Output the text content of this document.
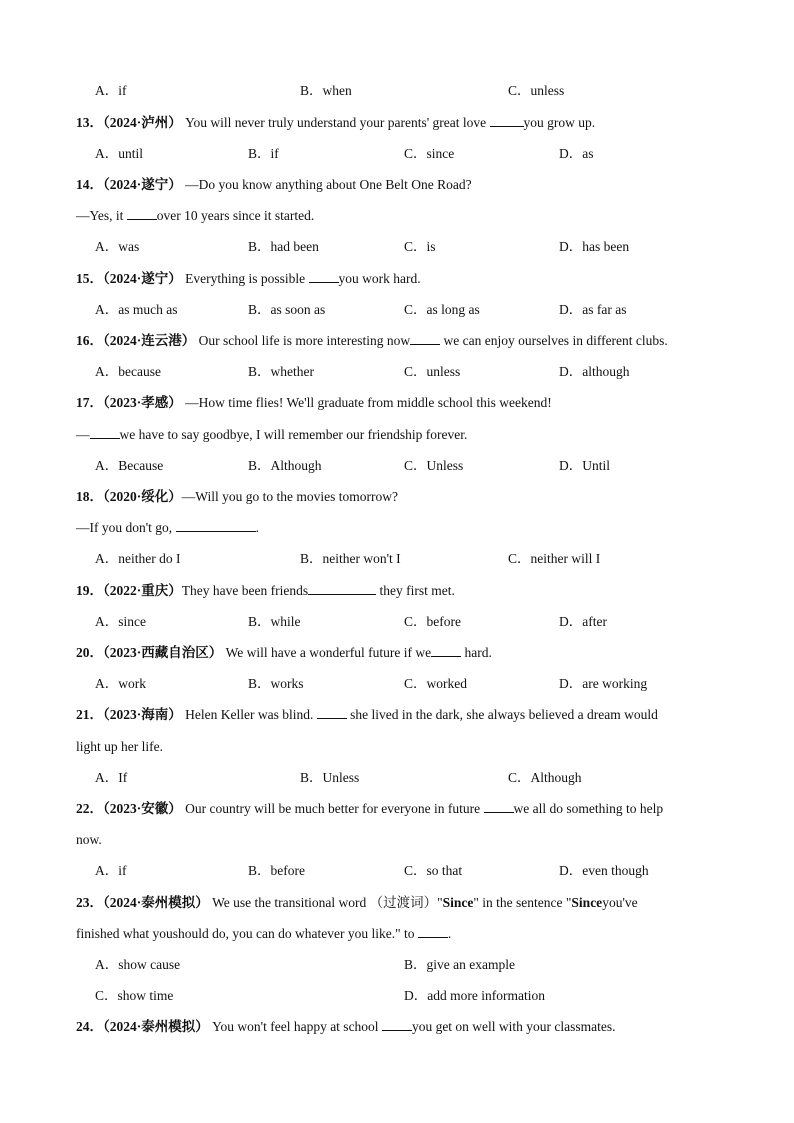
A．if	B．when	C．unless
13．（2024·泸州） You will never truly understand your parents' great love	you grow up.
A．until	B．if	C．since	D．as
14．（2024·遂宁） —Do you know anything about One Belt One Road?
—Yes, it over 10 years since it started.
A．was	B．had been	C．is	D．has been
15．（2024·遂宁） Everything is possible you work hard.
A．as much as	B．as soon as	C．as long as	D．as far as
16．（2024·连云港） Our school life is more interesting now we can enjoy ourselves in different clubs.
A．because	B．whether	C．unless	D．although
17．（2023·孝感） —How time flies! We'll graduate from middle school this weekend!
— we have to say goodbye, I will remember our friendship forever.
A．Because	B．Although	C．Unless	D．Until
18．（2020·绥化）—Will you go to the movies tomorrow?
—If you don't go,	.
A．neither do I	B．neither won't I	C．neither will I
19．（2022·重庆）They have been friends	they first met.
A．since	B．while	C．before	D．after
20．（2023·西藏自治区） We will have a wonderful future if we hard.
A．work	B．works	C．worked	D．are working
21．（2023·海南） Helen Keller was blind.  she lived in the dark, she always believed a dream would
light up her life.
A．If	B．Unless	C．Although
22．（2023·安徽） Our country will be much better for everyone in future we all do something to help
now.
A．if	B．before	C．so that	D．even though
23．（2024·泰州模拟） We use the transitional word （过渡词）"Since" in the sentence "Sinceyou've
finished what youshould do, you can do whatever you like." to .
A．show cause	B．give an example
C．show time	D．add more information
24．（2024·泰州模拟） You won't feel happy at school you get on well with your classmates.
